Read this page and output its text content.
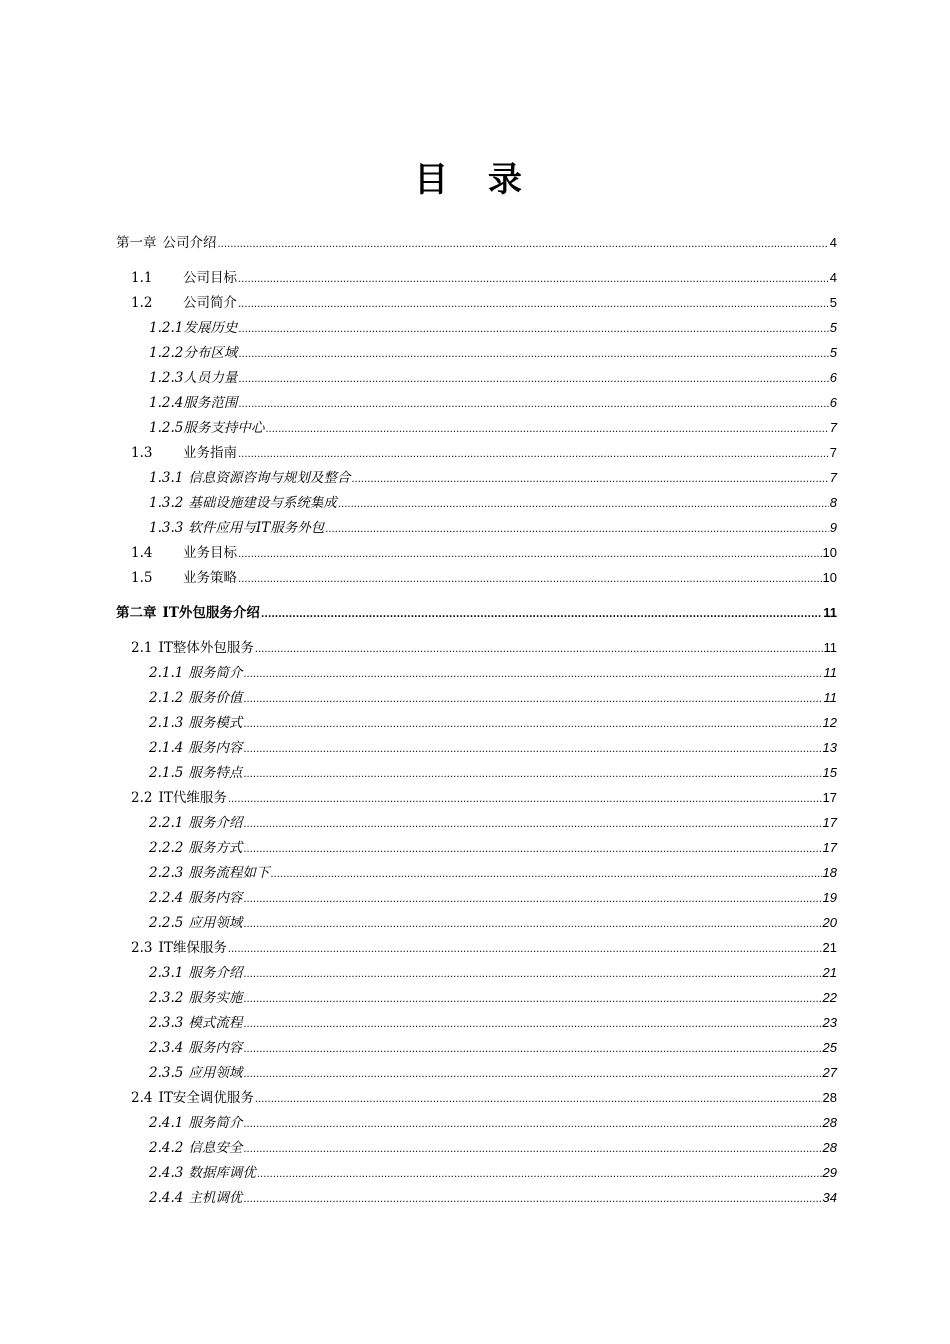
目 录
第一章 公司介绍 .....	4
1.1	公司目标 .....	4
1.2	公司简介 .....	5
1.2.1 发展历史 .....	5
1.2.2 分布区域 .....	5
1.2.3 人员力量 .....	6
1.2.4 服务范围 .....	6
1.2.5 服务支持中心 .....	7
1.3	业务指南 .....	7
1.3.1 信息资源咨询与规划及整合 .....	7
1.3.2 基础设施建设与系统集成 .....	8
1.3.3 软件应用与IT服务外包 .....	9
1.4	业务目标 .....	10
1.5	业务策略 .....	10
第二章 IT外包服务介绍 .....	11
2.1 IT整体外包服务 .....	11
2.1.1 服务简介 .....	11
2.1.2 服务价值 .....	11
2.1.3 服务模式 .....	12
2.1.4 服务内容 .....	13
2.1.5 服务特点 .....	15
2.2 IT代维服务 .....	17
2.2.1 服务介绍 .....	17
2.2.2 服务方式 .....	17
2.2.3 服务流程如下 .....	18
2.2.4 服务内容 .....	19
2.2.5 应用领域 .....	20
2.3 IT维保服务 .....	21
2.3.1 服务介绍 .....	21
2.3.2 服务实施 .....	22
2.3.3 模式流程 .....	23
2.3.4 服务内容 .....	25
2.3.5 应用领域 .....	27
2.4 IT安全调优服务 .....	28
2.4.1 服务简介 .....	28
2.4.2 信息安全 .....	28
2.4.3 数据库调优 .....	29
2.4.4 主机调优 .....	34
